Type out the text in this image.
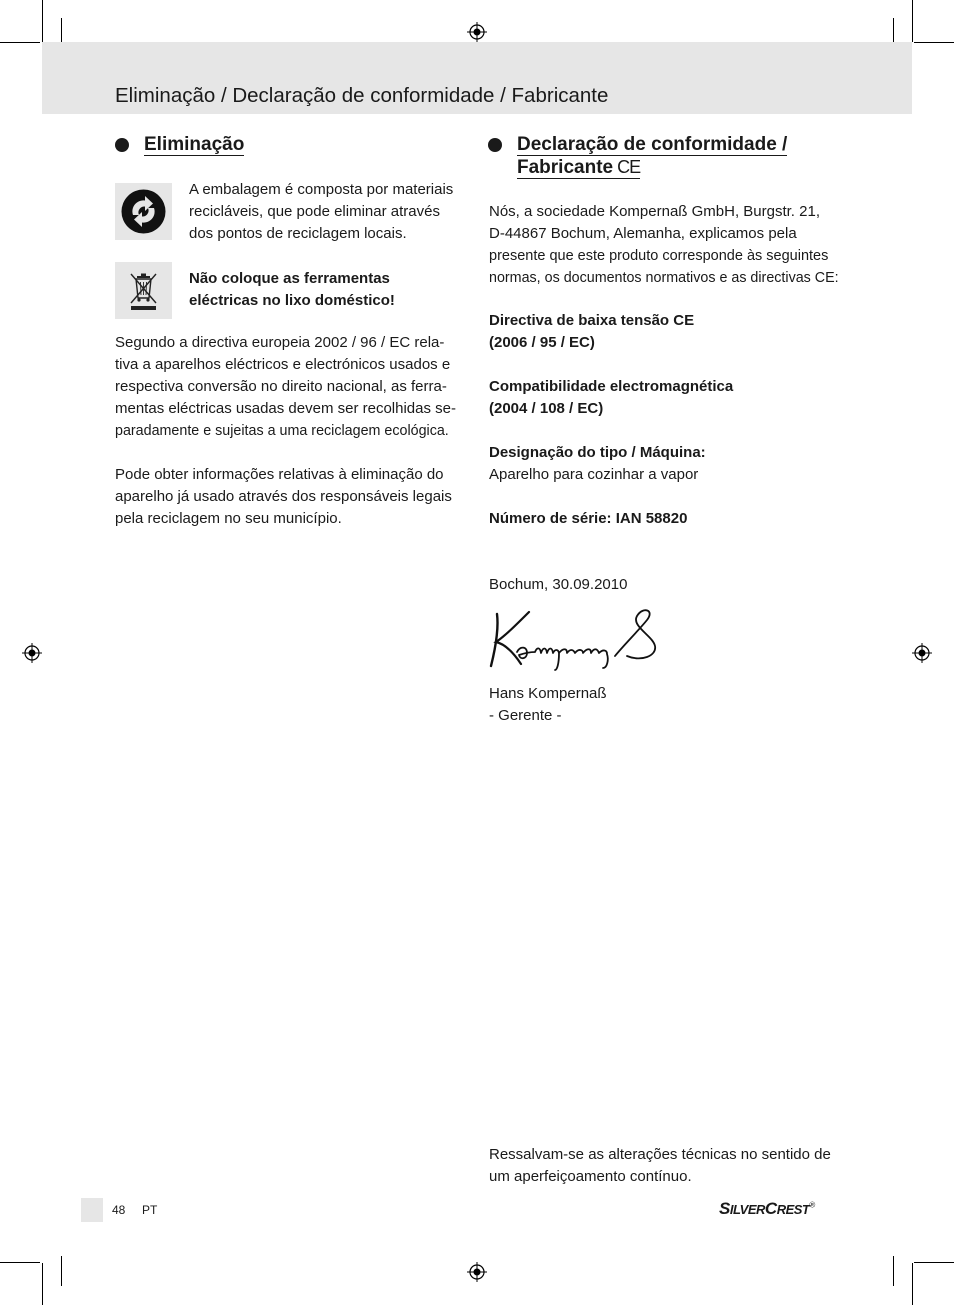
Eliminação / Declaração de conformidade / Fabricante
Eliminação

A embalagem é composta por materiais
recicláveis, que pode eliminar através
dos pontos de reciclagem locais.

Não coloque as ferramentas
eléctricas no lixo doméstico!

Segundo a directiva europeia 2002 / 96 / EC rela-
tiva a aparelhos eléctricos e electrónicos usados e
respectiva conversão no direito nacional, as ferra-
mentas eléctricas usadas devem ser recolhidas se-
paradamente e sujeitas a uma reciclagem ecológica.

Pode obter informações relativas à eliminação do
aparelho já usado através dos responsáveis legais
pela reciclagem no seu município.

Declaração de conformidade /
Fabricante CE

Nós, a sociedade Kompernaß GmbH, Burgstr. 21,
D-44867 Bochum, Alemanha, explicamos pela
presente que este produto corresponde às seguintes
normas, os documentos normativos e as directivas CE:

Directiva de baixa tensão CE
(2006 / 95 / EC)

Compatibilidade electromagnética
(2004 / 108 / EC)

Designação do tipo / Máquina:
Aparelho para cozinhar a vapor

Número de série: IAN 58820

Bochum, 30.09.2010

Hans Kompernaß
- Gerente -

Ressalvam-se as alterações técnicas no sentido de
um aperfeiçoamento contínuo.

48 PT	SILVERCREST®
